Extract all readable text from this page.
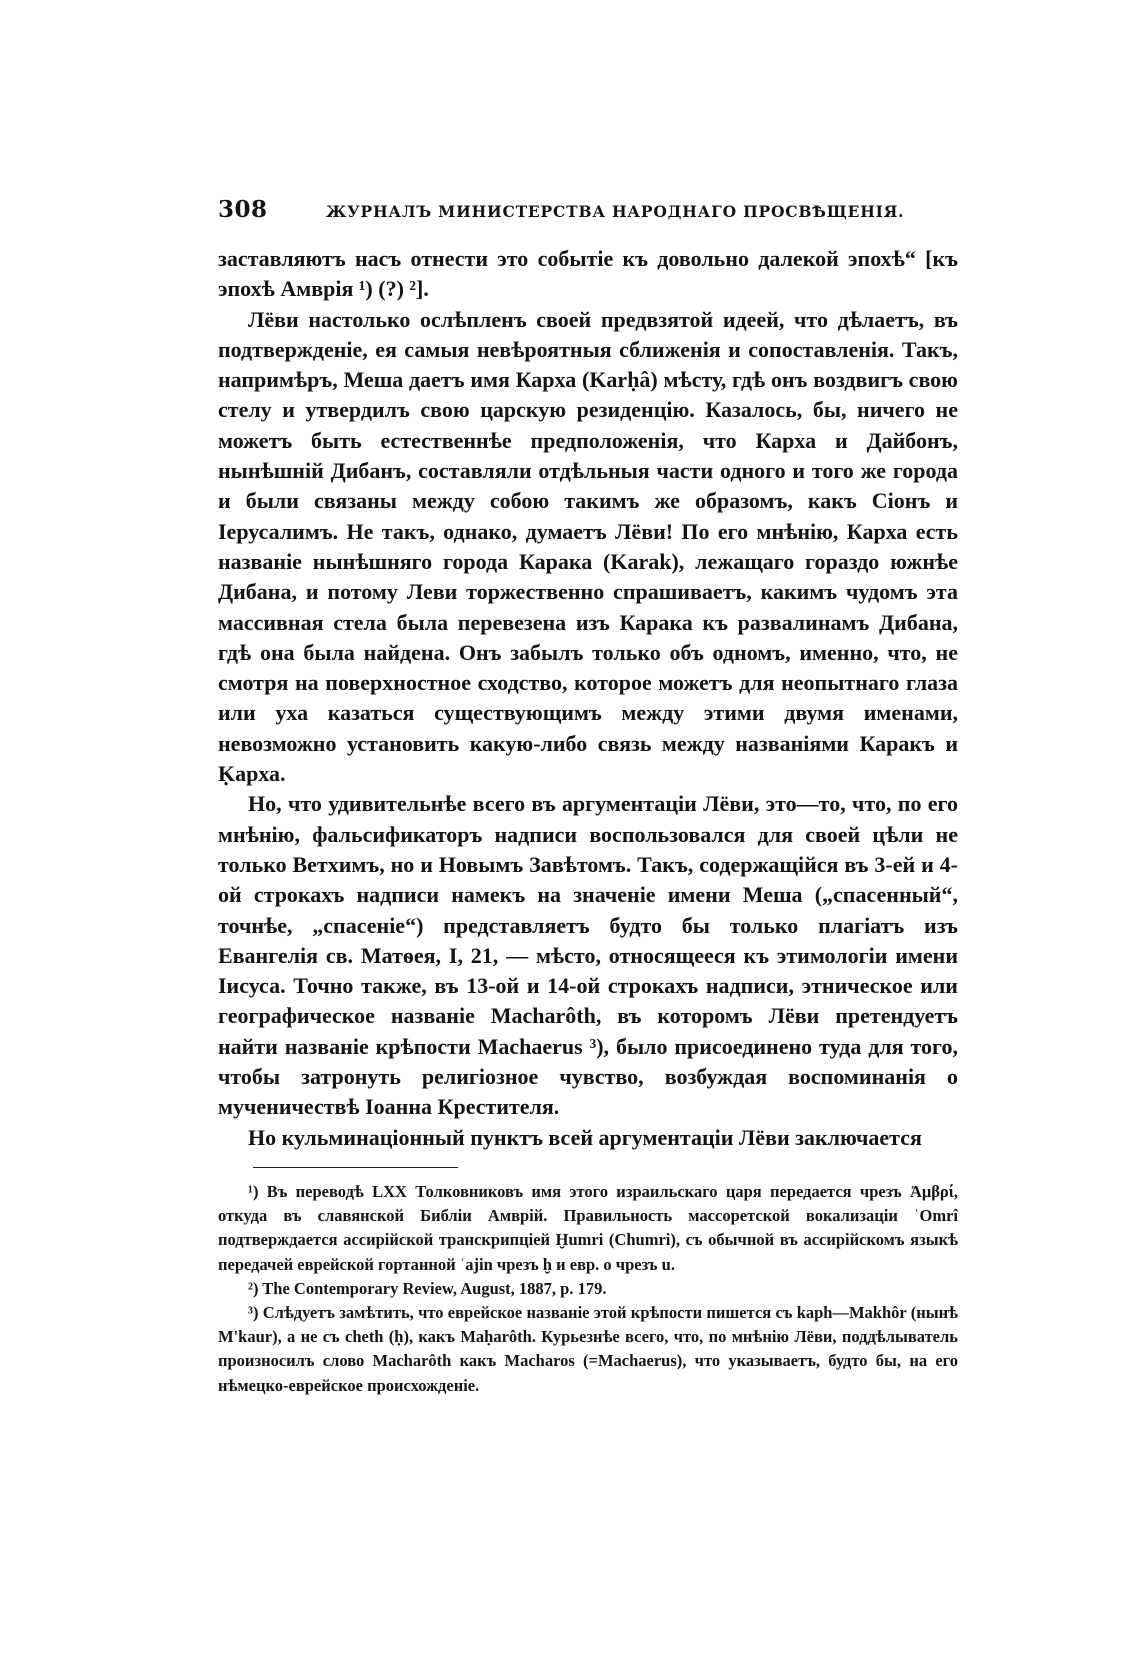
308	ЖУРНАЛЪ МИНИСТЕРСТВА НАРОДНАГО ПРОСВѢЩЕНІЯ.

заставляютъ насъ отнести это событіе къ довольно далекой эпохѣ“ [къ эпохѣ Амврія ¹) (?) ²].

Лёви настолько ослѣпленъ своей предвзятой идеей, что дѣлаетъ, въ подтвержденіе, ея самыя невѣроятныя сближенія и сопоставленія. Такъ, напримѣръ, Меша даетъ имя Карха (Karḥâ) мѣсту, гдѣ онъ воздвигъ свою стелу и утвердилъ свою царскую резиденцію. Казалось, бы, ничего не можетъ быть естественнѣе предположенія, что Карха и Дайбонъ, нынѣшній Дибанъ, составляли отдѣльныя части одного и того же города и были связаны между собою такимъ же образомъ, какъ Сіонъ и Іерусалимъ. Не такъ, однако, думаетъ Лёви! По его мнѣнію, Карха есть названіе нынѣшняго города Карака (Karak), лежащаго гораздо южнѣе Дибана, и потому Леви торжественно спрашиваетъ, какимъ чудомъ эта массивная стела была перевезена изъ Карака къ развалинамъ Дибана, гдѣ она была найдена. Онъ забылъ только объ одномъ, именно, что, не смотря на поверхностное сходство, которое можетъ для неопытнаго глаза или уха казаться существующимъ между этими двумя именами, невозможно установить какую-либо связь между названіями Каракъ и Ḳарха.

Но, что удивительнѣе всего въ аргументаціи Лёви, это—то, что, по его мнѣнію, фальсификаторъ надписи воспользовался для своей цѣли не только Ветхимъ, но и Новымъ Завѣтомъ. Такъ, содержащійся въ 3-ей и 4-ой строкахъ надписи намекъ на значеніе имени Меша („спасенный“, точнѣе, „спасеніе“) представляетъ будто бы только плагіатъ изъ Евангелія св. Матѳея, I, 21, — мѣсто, относящееся къ этимологіи имени Іисуса. Точно также, въ 13-ой и 14-ой строкахъ надписи, этническое или географическое названіе Macharôth, въ которомъ Лёви претендуетъ найти названіе крѣпости Machaerus ³), было присоединено туда для того, чтобы затронуть религіозное чувство, возбуждая воспоминанія о мученичествѣ Іоанна Крестителя.

Но кульминаціонный пунктъ всей аргументаціи Лёви заключается

¹) Въ переводѣ LXX Толковниковъ имя этого израильскаго царя передается чрезъ Ἀμβρί, откуда въ славянской Библіи Амврій. Правильность массоретской вокализаціи ʿOmrî подтверждается ассирійской транскрипціей Ḫumri (Chumri), съ обычной въ ассирійскомъ языкѣ передачей еврейской гортанной ʿajin чрезъ ḫ и евр. o чрезъ u.

²) The Contemporary Review, August, 1887, p. 179.

³) Слѣдуетъ замѣтить, что еврейское названіе этой крѣпости пишется съ kaph—Makhôr (нынѣ M'kaur), а не съ cheth (ḥ), какъ Maḥarôth. Курьезнѣе всего, что, по мнѣнію Лёви, поддѣлыватель произносилъ слово Macharôth какъ Macharos (=Machaerus), что указываетъ, будто бы, на его нѣмецко-еврейское происхожденіе.
